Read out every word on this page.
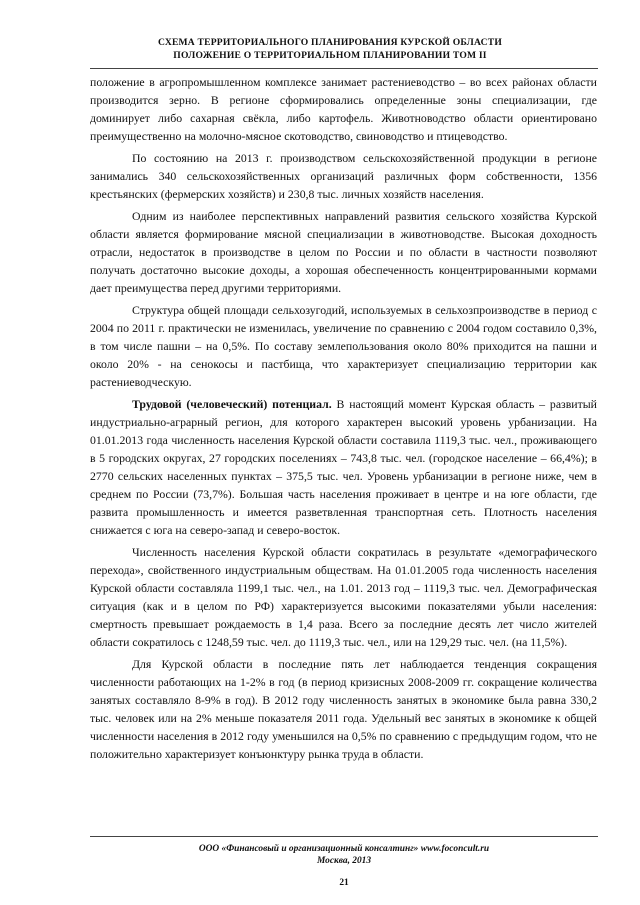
СХЕМА ТЕРРИТОРИАЛЬНОГО ПЛАНИРОВАНИЯ КУРСКОЙ ОБЛАСТИ
ПОЛОЖЕНИЕ О ТЕРРИТОРИАЛЬНОМ ПЛАНИРОВАНИИ ТОМ II

положение в агропромышленном комплексе занимает растениеводство – во всех районах области производится зерно. В регионе сформировались определенные зоны специализации, где доминирует либо сахарная свёкла, либо картофель. Животноводство области ориентировано преимущественно на молочно-мясное скотоводство, свиноводство и птицеводство.

По состоянию на 2013 г. производством сельскохозяйственной продукции в регионе занимались 340 сельскохозяйственных организаций различных форм собственности, 1356 крестьянских (фермерских хозяйств) и 230,8 тыс. личных хозяйств населения.

Одним из наиболее перспективных направлений развития сельского хозяйства Курской области является формирование мясной специализации в животноводстве. Высокая доходность отрасли, недостаток в производстве в целом по России и по области в частности позволяют получать достаточно высокие доходы, а хорошая обеспеченность концентрированными кормами дает преимущества перед другими территориями.

Структура общей площади сельхозугодий, используемых в сельхозпроизводстве в период с 2004 по 2011 г. практически не изменилась, увеличение по сравнению с 2004 годом составило 0,3%, в том числе пашни – на 0,5%. По составу землепользования около 80% приходится на пашни и около 20% - на сенокосы и пастбища, что характеризует специализацию территории как растениеводческую.

Трудовой (человеческий) потенциал. В настоящий момент Курская область – развитый индустриально-аграрный регион, для которого характерен высокий уровень урбанизации. На 01.01.2013 года численность населения Курской области составила 1119,3 тыс. чел., проживающего в 5 городских округах, 27 городских поселениях – 743,8 тыс. чел. (городское население – 66,4%); в 2770 сельских населенных пунктах – 375,5 тыс. чел. Уровень урбанизации в регионе ниже, чем в среднем по России (73,7%). Большая часть населения проживает в центре и на юге области, где развита промышленность и имеется разветвленная транспортная сеть. Плотность населения снижается с юга на северо-запад и северо-восток.

Численность населения Курской области сократилась в результате «демографического перехода», свойственного индустриальным обществам. На 01.01.2005 года численность населения Курской области составляла 1199,1 тыс. чел., на 1.01. 2013 год – 1119,3 тыс. чел. Демографическая ситуация (как и в целом по РФ) характеризуется высокими показателями убыли населения: смертность превышает рождаемость в 1,4 раза. Всего за последние десять лет число жителей области сократилось с 1248,59 тыс. чел. до 1119,3 тыс. чел., или на 129,29 тыс. чел. (на 11,5%).

Для Курской области в последние пять лет наблюдается тенденция сокращения численности работающих на 1-2% в год (в период кризисных 2008-2009 гг. сокращение количества занятых составляло 8-9% в год). В 2012 году численность занятых в экономике была равна 330,2 тыс. человек или на 2% меньше показателя 2011 года. Удельный вес занятых в экономике к общей численности населения в 2012 году уменьшился на 0,5% по сравнению с предыдущим годом, что не положительно характеризует конъюнктуру рынка труда в области.

ООО «Финансовый и организационный консалтинг» www.foconcult.ru
Москва, 2013
21
